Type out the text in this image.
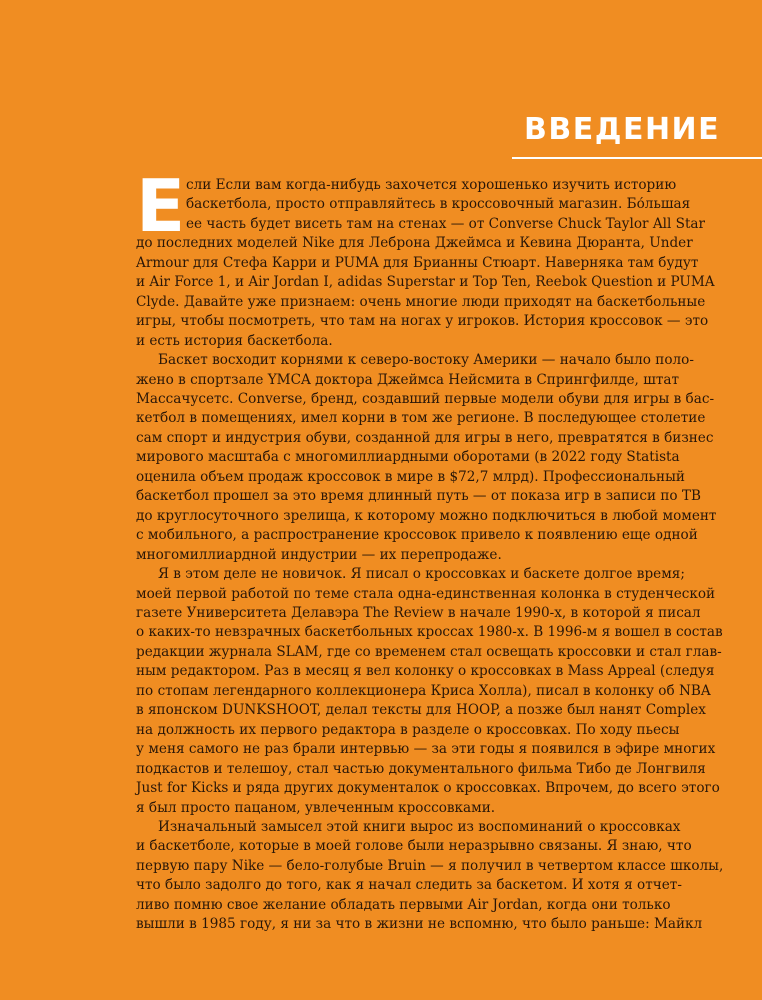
ВВЕДЕНИЕ
Е сли Если вам когда-нибудь захочется хорошенько изучить историю
баскетбола, просто отправляйтесь в кроссовочный магазин. Бо́льшая
ее часть будет висеть там на стенах — от Converse Chuck Taylor All Star
до последних моделей Nike для Леброна Джеймса и Кевина Дюранта, Under
Armour для Стефа Карри и PUMA для Брианны Стюарт. Наверняка там будут
и Air Force 1, и Air Jordan I, adidas Superstar и Top Ten, Reebok Question и PUMA
Clyde. Давайте уже признаем: очень многие люди приходят на баскетбольные
игры, чтобы посмотреть, что там на ногах у игроков. История кроссовок — это
и есть история баскетбола.
Баскет восходит корнями к северо-востоку Америки — начало было поло-
жено в спортзале YMCA доктора Джеймса Нейсмита в Спрингфилде, штат
Массачусетс. Converse, бренд, создавший первые модели обуви для игры в бас-
кетбол в помещениях, имел корни в том же регионе. В последующее столетие
сам спорт и индустрия обуви, созданной для игры в него, превратятся в бизнес
мирового масштаба с многомиллиардными оборотами (в 2022 году Statista
оценила объем продаж кроссовок в мире в $72,7 млрд). Профессиональный
баскетбол прошел за это время длинный путь — от показа игр в записи по ТВ
до круглосуточного зрелища, к которому можно подключиться в любой момент
с мобильного, а распространение кроссовок привело к появлению еще одной
многомиллиардной индустрии — их перепродаже.
Я в этом деле не новичок. Я писал о кроссовках и баскете долгое время;
моей первой работой по теме стала одна-единственная колонка в студенческой
газете Университета Делавэра The Review в начале 1990-х, в которой я писал
о каких-то невзрачных баскетбольных кроссах 1980-х. В 1996-м я вошел в состав
редакции журнала SLAM, где со временем стал освещать кроссовки и стал глав-
ным редактором. Раз в месяц я вел колонку о кроссовках в Mass Appeal (следуя
по стопам легендарного коллекционера Криса Холла), писал в колонку об NBA
в японском DUNKSHOOT, делал тексты для HOOP, а позже был нанят Complex
на должность их первого редактора в разделе о кроссовках. По ходу пьесы
у меня самого не раз брали интервью — за эти годы я появился в эфире многих
подкастов и телешоу, стал частью документального фильма Тибо де Лонгвиля
Just for Kicks и ряда других документалок о кроссовках. Впрочем, до всего этого
я был просто пацаном, увлеченным кроссовками.
Изначальный замысел этой книги вырос из воспоминаний о кроссовках
и баскетболе, которые в моей голове были неразрывно связаны. Я знаю, что
первую пару Nike — бело-голубые Bruin — я получил в четвертом классе школы,
что было задолго до того, как я начал следить за баскетом. И хотя я отчет-
ливо помню свое желание обладать первыми Air Jordan, когда они только
вышли в 1985 году, я ни за что в жизни не вспомню, что было раньше: Майкл
